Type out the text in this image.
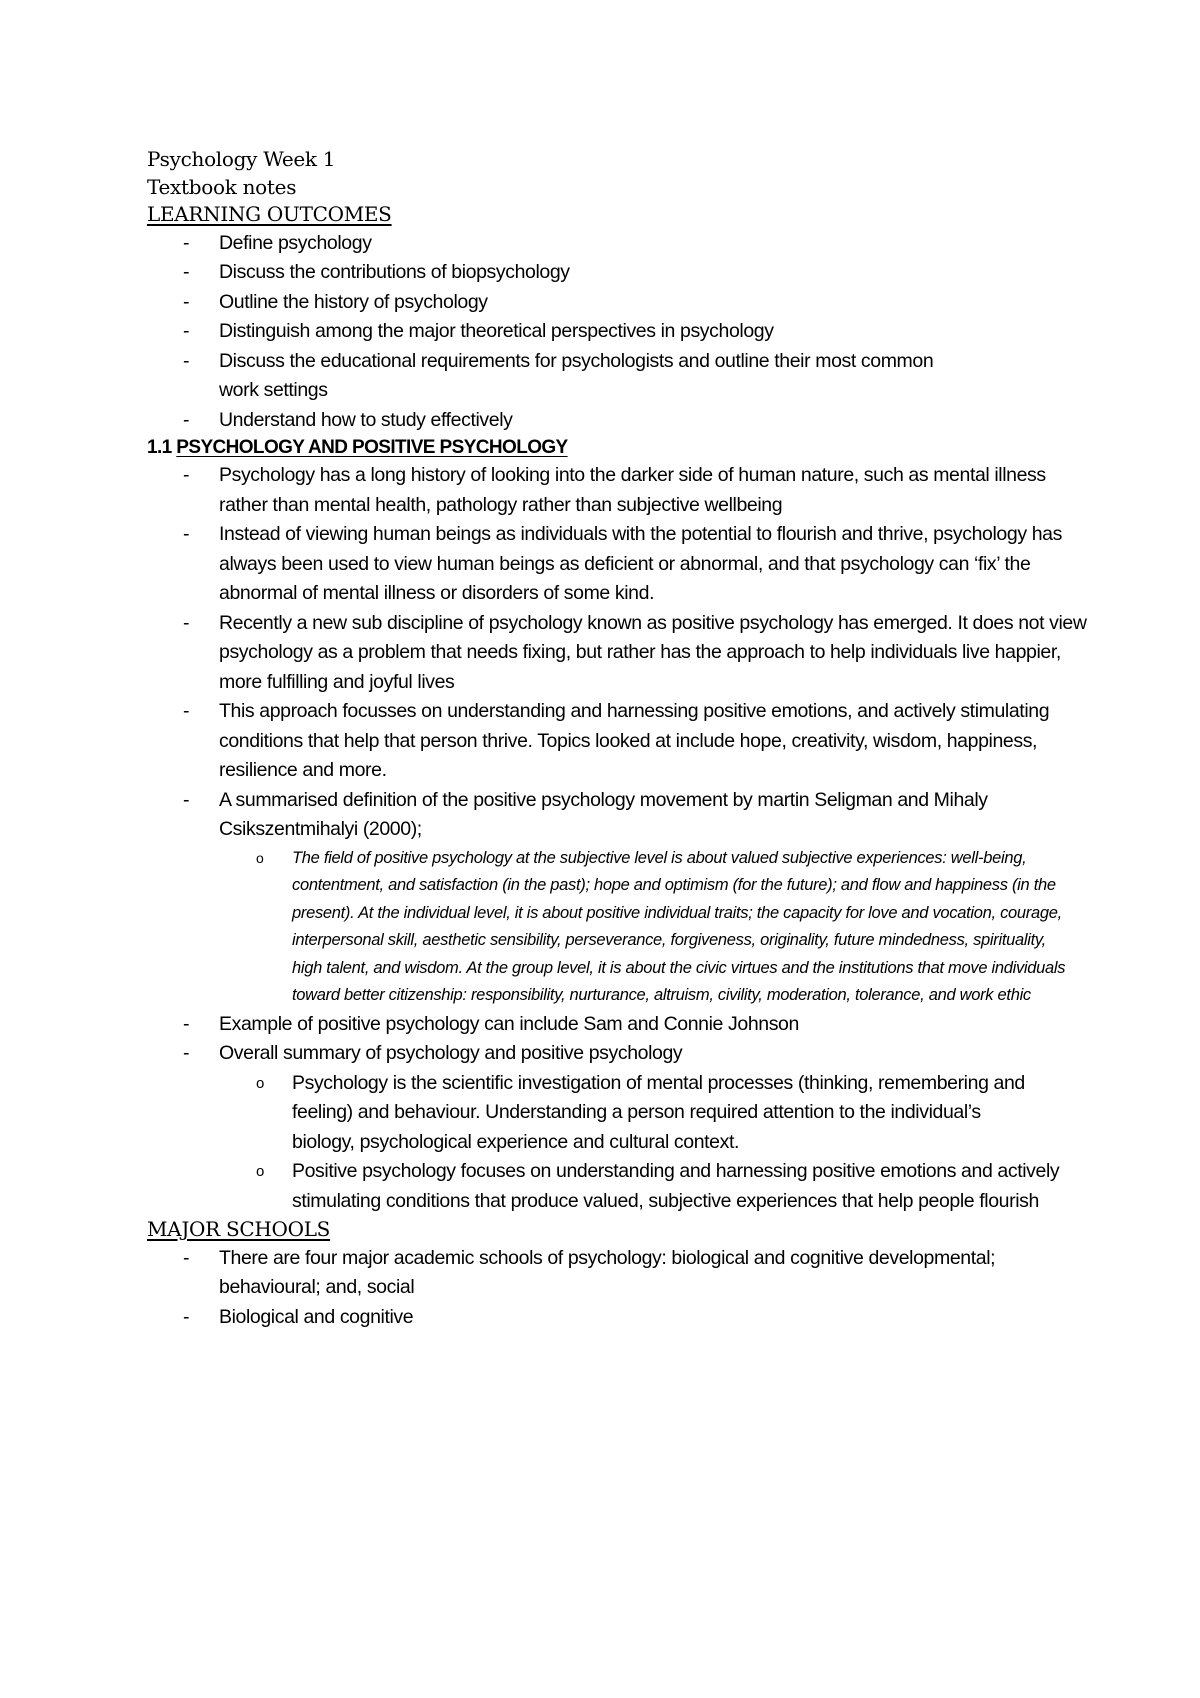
Psychology Week 1
Textbook notes
LEARNING OUTCOMES
- Define psychology
- Discuss the contributions of biopsychology
- Outline the history of psychology
- Distinguish among the major theoretical perspectives in psychology
- Discuss the educational requirements for psychologists and outline their most common work settings
- Understand how to study effectively
1.1 PSYCHOLOGY AND POSITIVE PSYCHOLOGY
- Psychology has a long history of looking into the darker side of human nature, such as mental illness rather than mental health, pathology rather than subjective wellbeing
- Instead of viewing human beings as individuals with the potential to flourish and thrive, psychology has always been used to view human beings as deficient or abnormal, and that psychology can ‘fix’ the abnormal of mental illness or disorders of some kind.
- Recently a new sub discipline of psychology known as positive psychology has emerged. It does not view psychology as a problem that needs fixing, but rather has the approach to help individuals live happier, more fulfilling and joyful lives
- This approach focusses on understanding and harnessing positive emotions, and actively stimulating conditions that help that person thrive. Topics looked at include hope, creativity, wisdom, happiness, resilience and more.
- A summarised definition of the positive psychology movement by martin Seligman and Mihaly Csikszentmihalyi (2000);
o The field of positive psychology at the subjective level is about valued subjective experiences: well-being, contentment, and satisfaction (in the past); hope and optimism (for the future); and flow and happiness (in the present). At the individual level, it is about positive individual traits; the capacity for love and vocation, courage, interpersonal skill, aesthetic sensibility, perseverance, forgiveness, originality, future mindedness, spirituality, high talent, and wisdom. At the group level, it is about the civic virtues and the institutions that move individuals toward better citizenship: responsibility, nurturance, altruism, civility, moderation, tolerance, and work ethic
- Example of positive psychology can include Sam and Connie Johnson
- Overall summary of psychology and positive psychology
o Psychology is the scientific investigation of mental processes (thinking, remembering and feeling) and behaviour. Understanding a person required attention to the individual’s biology, psychological experience and cultural context.
o Positive psychology focuses on understanding and harnessing positive emotions and actively stimulating conditions that produce valued, subjective experiences that help people flourish
MAJOR SCHOOLS
- There are four major academic schools of psychology: biological and cognitive developmental; behavioural; and, social
- Biological and cognitive
